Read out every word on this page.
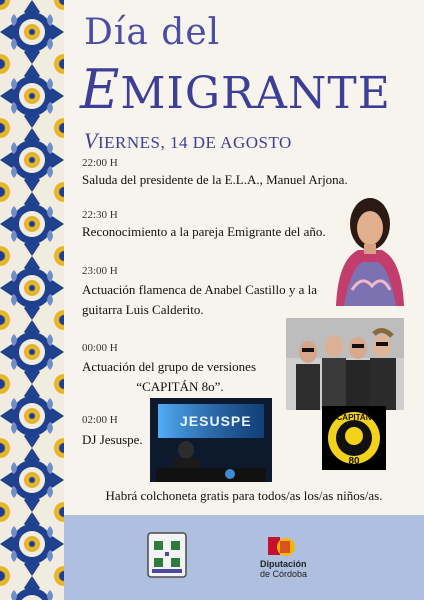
Día del
EMIGRANTE
VIERNES, 14 DE AGOSTO
22:00 H
Saluda del presidente de la E.L.A., Manuel Arjona.
22:30 H
Reconocimiento a la pareja Emigrante del año.
23:00 H
Actuación flamenca de Anabel Castillo y a la
guitarra Luis Calderito.
00:00 H
Actuación del grupo de versiones
“CAPITÁN 8o”.
02:00 H
DJ Jesuspe.
CAPITAN
80
JESUSPE
Habrá colchoneta gratis para todos/as los/as niños/as.
Diputación
de Córdoba
